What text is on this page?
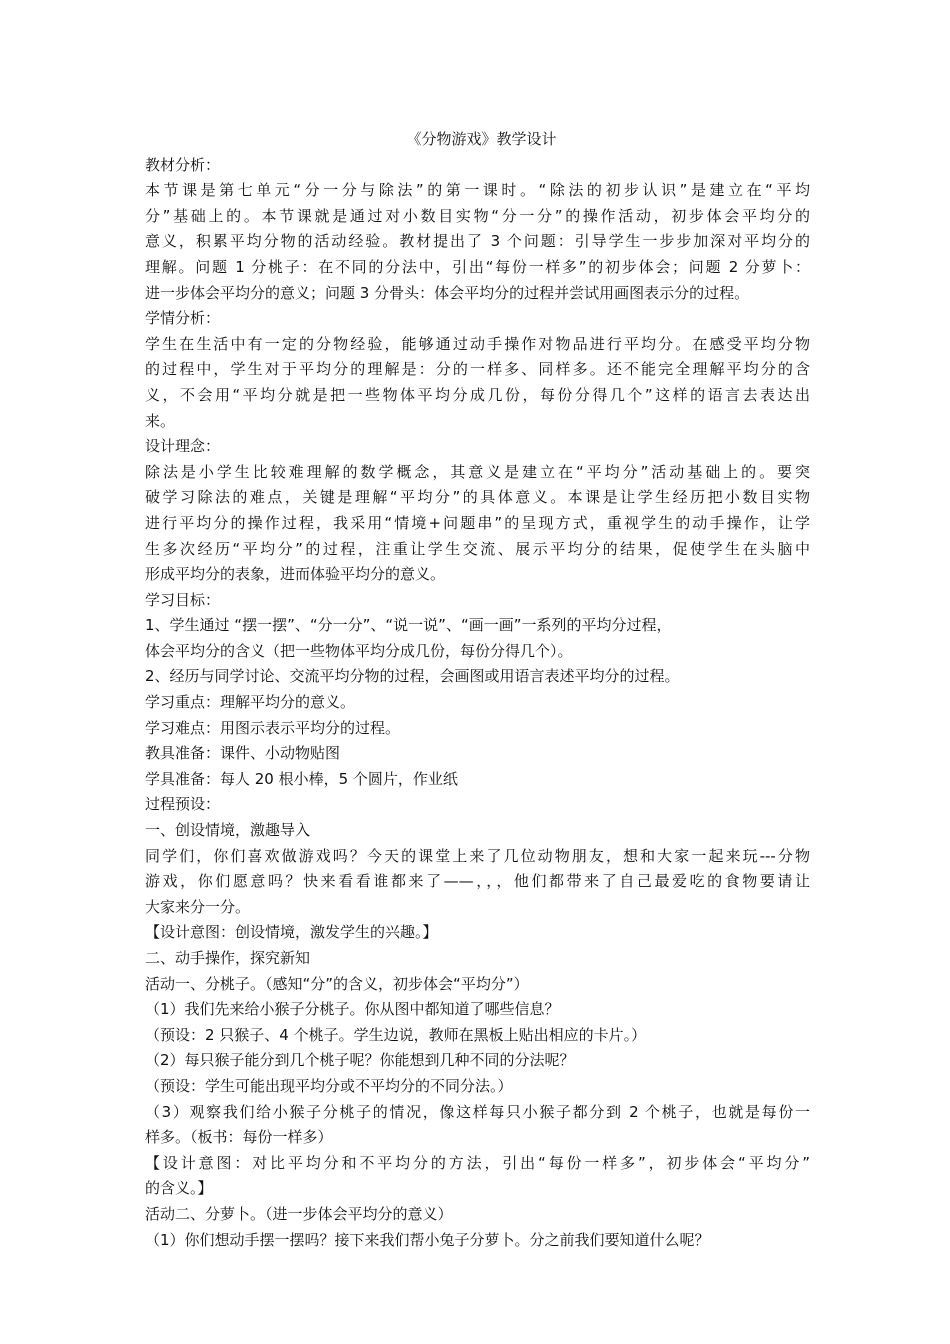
《分物游戏》教学设计
教材分析：
本节课是第七单元“分一分与除法”的第一课时。“除法的初步认识”是建立在“平均
分”基础上的。本节课就是通过对小数目实物“分一分”的操作活动，初步体会平均分的
意义，积累平均分物的活动经验。教材提出了 3 个问题：引导学生一步步加深对平均分的
理解。问题 1 分桃子：在不同的分法中，引出“每份一样多”的初步体会；问题 2 分萝卜：
进一步体会平均分的意义；问题 3 分骨头：体会平均分的过程并尝试用画图表示分的过程。
学情分析：
学生在生活中有一定的分物经验，能够通过动手操作对物品进行平均分。在感受平均分物
的过程中，学生对于平均分的理解是：分的一样多、同样多。还不能完全理解平均分的含
义，不会用“平均分就是把一些物体平均分成几份，每份分得几个”这样的语言去表达出
来。
设计理念：
除法是小学生比较难理解的数学概念，其意义是建立在“平均分”活动基础上的。要突
破学习除法的难点，关键是理解“平均分”的具体意义。本课是让学生经历把小数目实物
进行平均分的操作过程，我采用“情境+问题串”的呈现方式，重视学生的动手操作，让学
生多次经历“平均分”的过程，注重让学生交流、展示平均分的结果，促使学生在头脑中
形成平均分的表象，进而体验平均分的意义。
学习目标：
1、学生通过 “摆一摆”、“分一分”、“说一说”、“画一画”一系列的平均分过程，
体会平均分的含义（把一些物体平均分成几份，每份分得几个）。
2、经历与同学讨论、交流平均分物的过程，会画图或用语言表述平均分的过程。
学习重点：理解平均分的意义。
学习难点：用图示表示平均分的过程。
教具准备：课件、小动物贴图
学具准备：每人 20 根小棒，5 个圆片，作业纸
过程预设：
一、创设情境，激趣导入
同学们，你们喜欢做游戏吗？今天的课堂上来了几位动物朋友，想和大家一起来玩---分物
游戏，你们愿意吗？快来看看谁都来了——，，，他们都带来了自己最爱吃的食物要请让
大家来分一分。
【设计意图：创设情境，激发学生的兴趣。】
二、动手操作，探究新知
活动一、分桃子。（感知“分”的含义，初步体会“平均分”）
（1）我们先来给小猴子分桃子。你从图中都知道了哪些信息？
（预设：2 只猴子、4 个桃子。学生边说，教师在黑板上贴出相应的卡片。）
（2）每只猴子能分到几个桃子呢？你能想到几种不同的分法呢？
（预设：学生可能出现平均分或不平均分的不同分法。）
（3）观察我们给小猴子分桃子的情况，像这样每只小猴子都分到 2 个桃子，也就是每份一
样多。（板书：每份一样多）
【设计意图：对比平均分和不平均分的方法，引出“每份一样多”，初步体会“平均分”
的含义。】
活动二、分萝卜。（进一步体会平均分的意义）
（1）你们想动手摆一摆吗？接下来我们帮小兔子分萝卜。分之前我们要知道什么呢？
